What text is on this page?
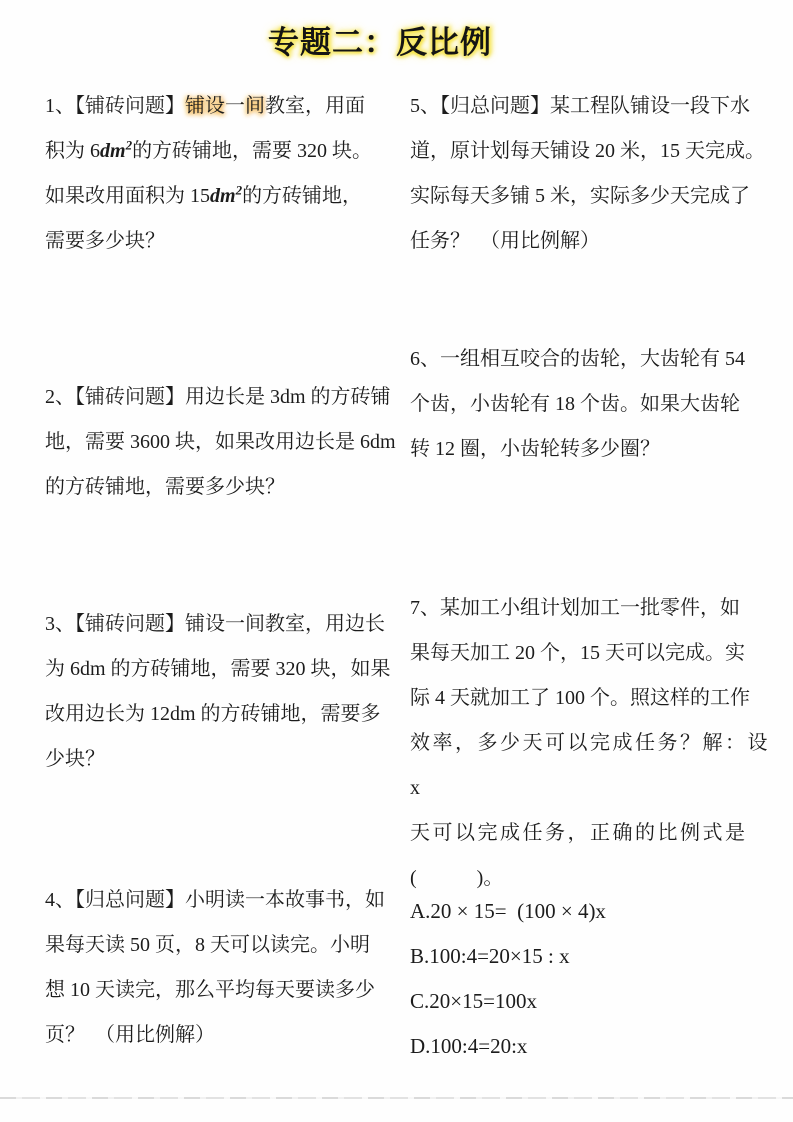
专题二：反比例
1、【铺砖问题】铺设一间教室，用面
积为 $6dm^2$的方砖铺地，需要 320 块。
如果改用面积为 $15dm^2$的方砖铺地，
需要多少块？
2、【铺砖问题】用边长是 3dm 的方砖铺
地，需要 3600 块，如果改用边长是 6dm
的方砖铺地，需要多少块？
3、【铺砖问题】铺设一间教室，用边长
为 6dm 的方砖铺地，需要 320 块，如果
改用边长为 12dm 的方砖铺地，需要多
少块？
4、【归总问题】小明读一本故事书，如
果每天读 50 页，8 天可以读完。小明
想 10 天读完，那么平均每天要读多少
页？　（用比例解）
5、【归总问题】某工程队铺设一段下水
道，原计划每天铺设 20 米，15 天完成。
实际每天多铺 5 米，实际多少天完成了
任务？　（用比例解）
6、一组相互咬合的齿轮，大齿轮有 54
个齿，小齿轮有 18 个齿。如果大齿轮
转 12 圈，小齿轮转多少圈？
7、某加工小组计划加工一批零件，如
果每天加工 20 个，15 天可以完成。实
际 4 天就加工了 100 个。照这样的工作
效率，多少天可以完成任务？解：设 x
天可以完成任务，正确的比例式是
(　　　)。
A.20 × 15=  (100 × 4)x
B.100:4=20×15 : x
C.20×15=100x
D.100:4=20:x
